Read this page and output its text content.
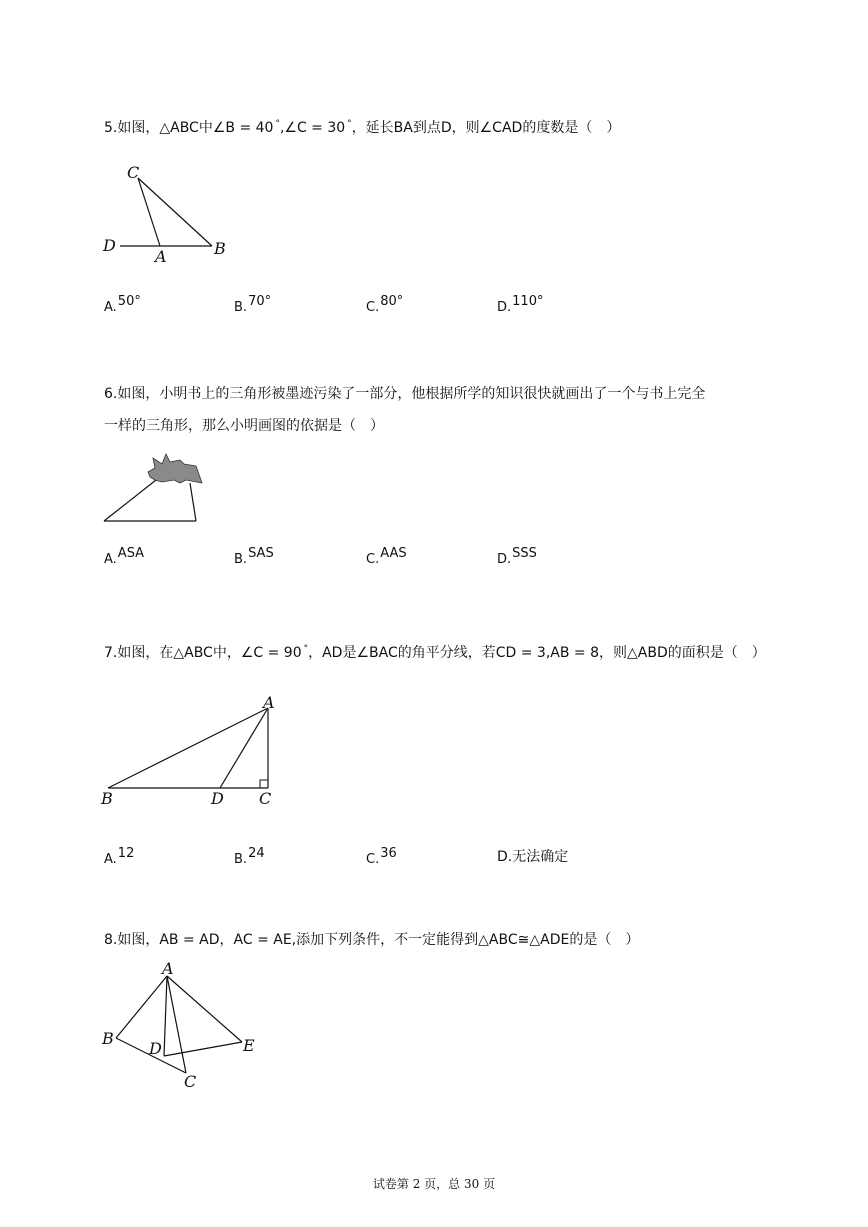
5.如图，△ABC中∠B = 40 °,∠C = 30 °，延长BA到点D，则∠CAD的度数是（　）
C
D
A	B
A.50°	B.70°	C.80°	D.110°
6.如图，小明书上的三角形被墨迹污染了一部分，他根据所学的知识很快就画出了一个与书上完全
一样的三角形，那么小明画图的依据是（　）
A.ASA	B.SAS	C.AAS	D.SSS
7.如图，在△ABC中，∠C = 90 °，AD是∠BAC的角平分线，若CD = 3,AB = 8，则△ABD的面积是（　）
A
B	D C
A.12	B.24	C.36	D.无法确定
8.如图，AB = AD，AC = AE,添加下列条件，不一定能得到△ABC≅△ADE的是（　）
A
B
D	E
C
试卷第 2 页，总 30 页
